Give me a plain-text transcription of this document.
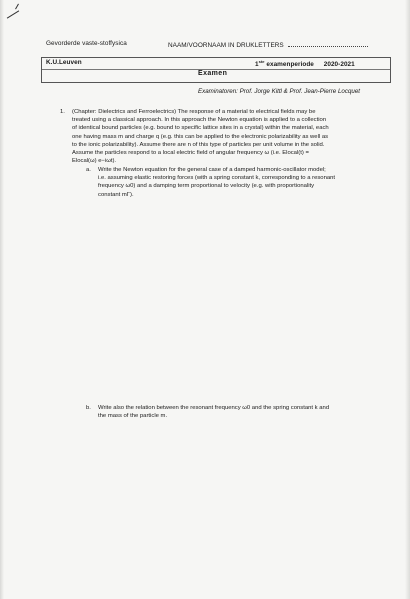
Gevorderde vaste-stoffysica	NAAM/VOORNAAM IN DRUKLETTERS
K.U.Leuven	1ste examenperiode 2020-2021
Examen
Examinatoren: Prof. Jorge Kittl & Prof. Jean-Pierre Locquet
1. (Chapter: Dielectrics and Ferroelectrics) The response of a material to electrical fields may be

treated using a classical approach. In this approach the Newton equation is applied to a collection

of identical bound particles (e.g. bound to specific lattice sites in a crystal) within the material, each

one having mass m and charge q (e.g. this can be applied to the electronic polarizability as well as

to the ionic polarizability). Assume there are n of this type of particles per unit volume in the solid.

Assume the particles respond to a local electric field of angular frequency ω (i.e. Elocal(t) =

Elocal(ω) e−iωt).

a. Write the Newton equation for the general case of a damped harmonic-oscillator model;

i.e. assuming elastic restoring forces (with a spring constant k, corresponding to a resonant

frequency ω0) and a damping term proportional to velocity (e.g. with proportionality

constant mΓ).

b. Write also the relation between the resonant frequency ω0 and the spring constant k and

the mass of the particle m.
